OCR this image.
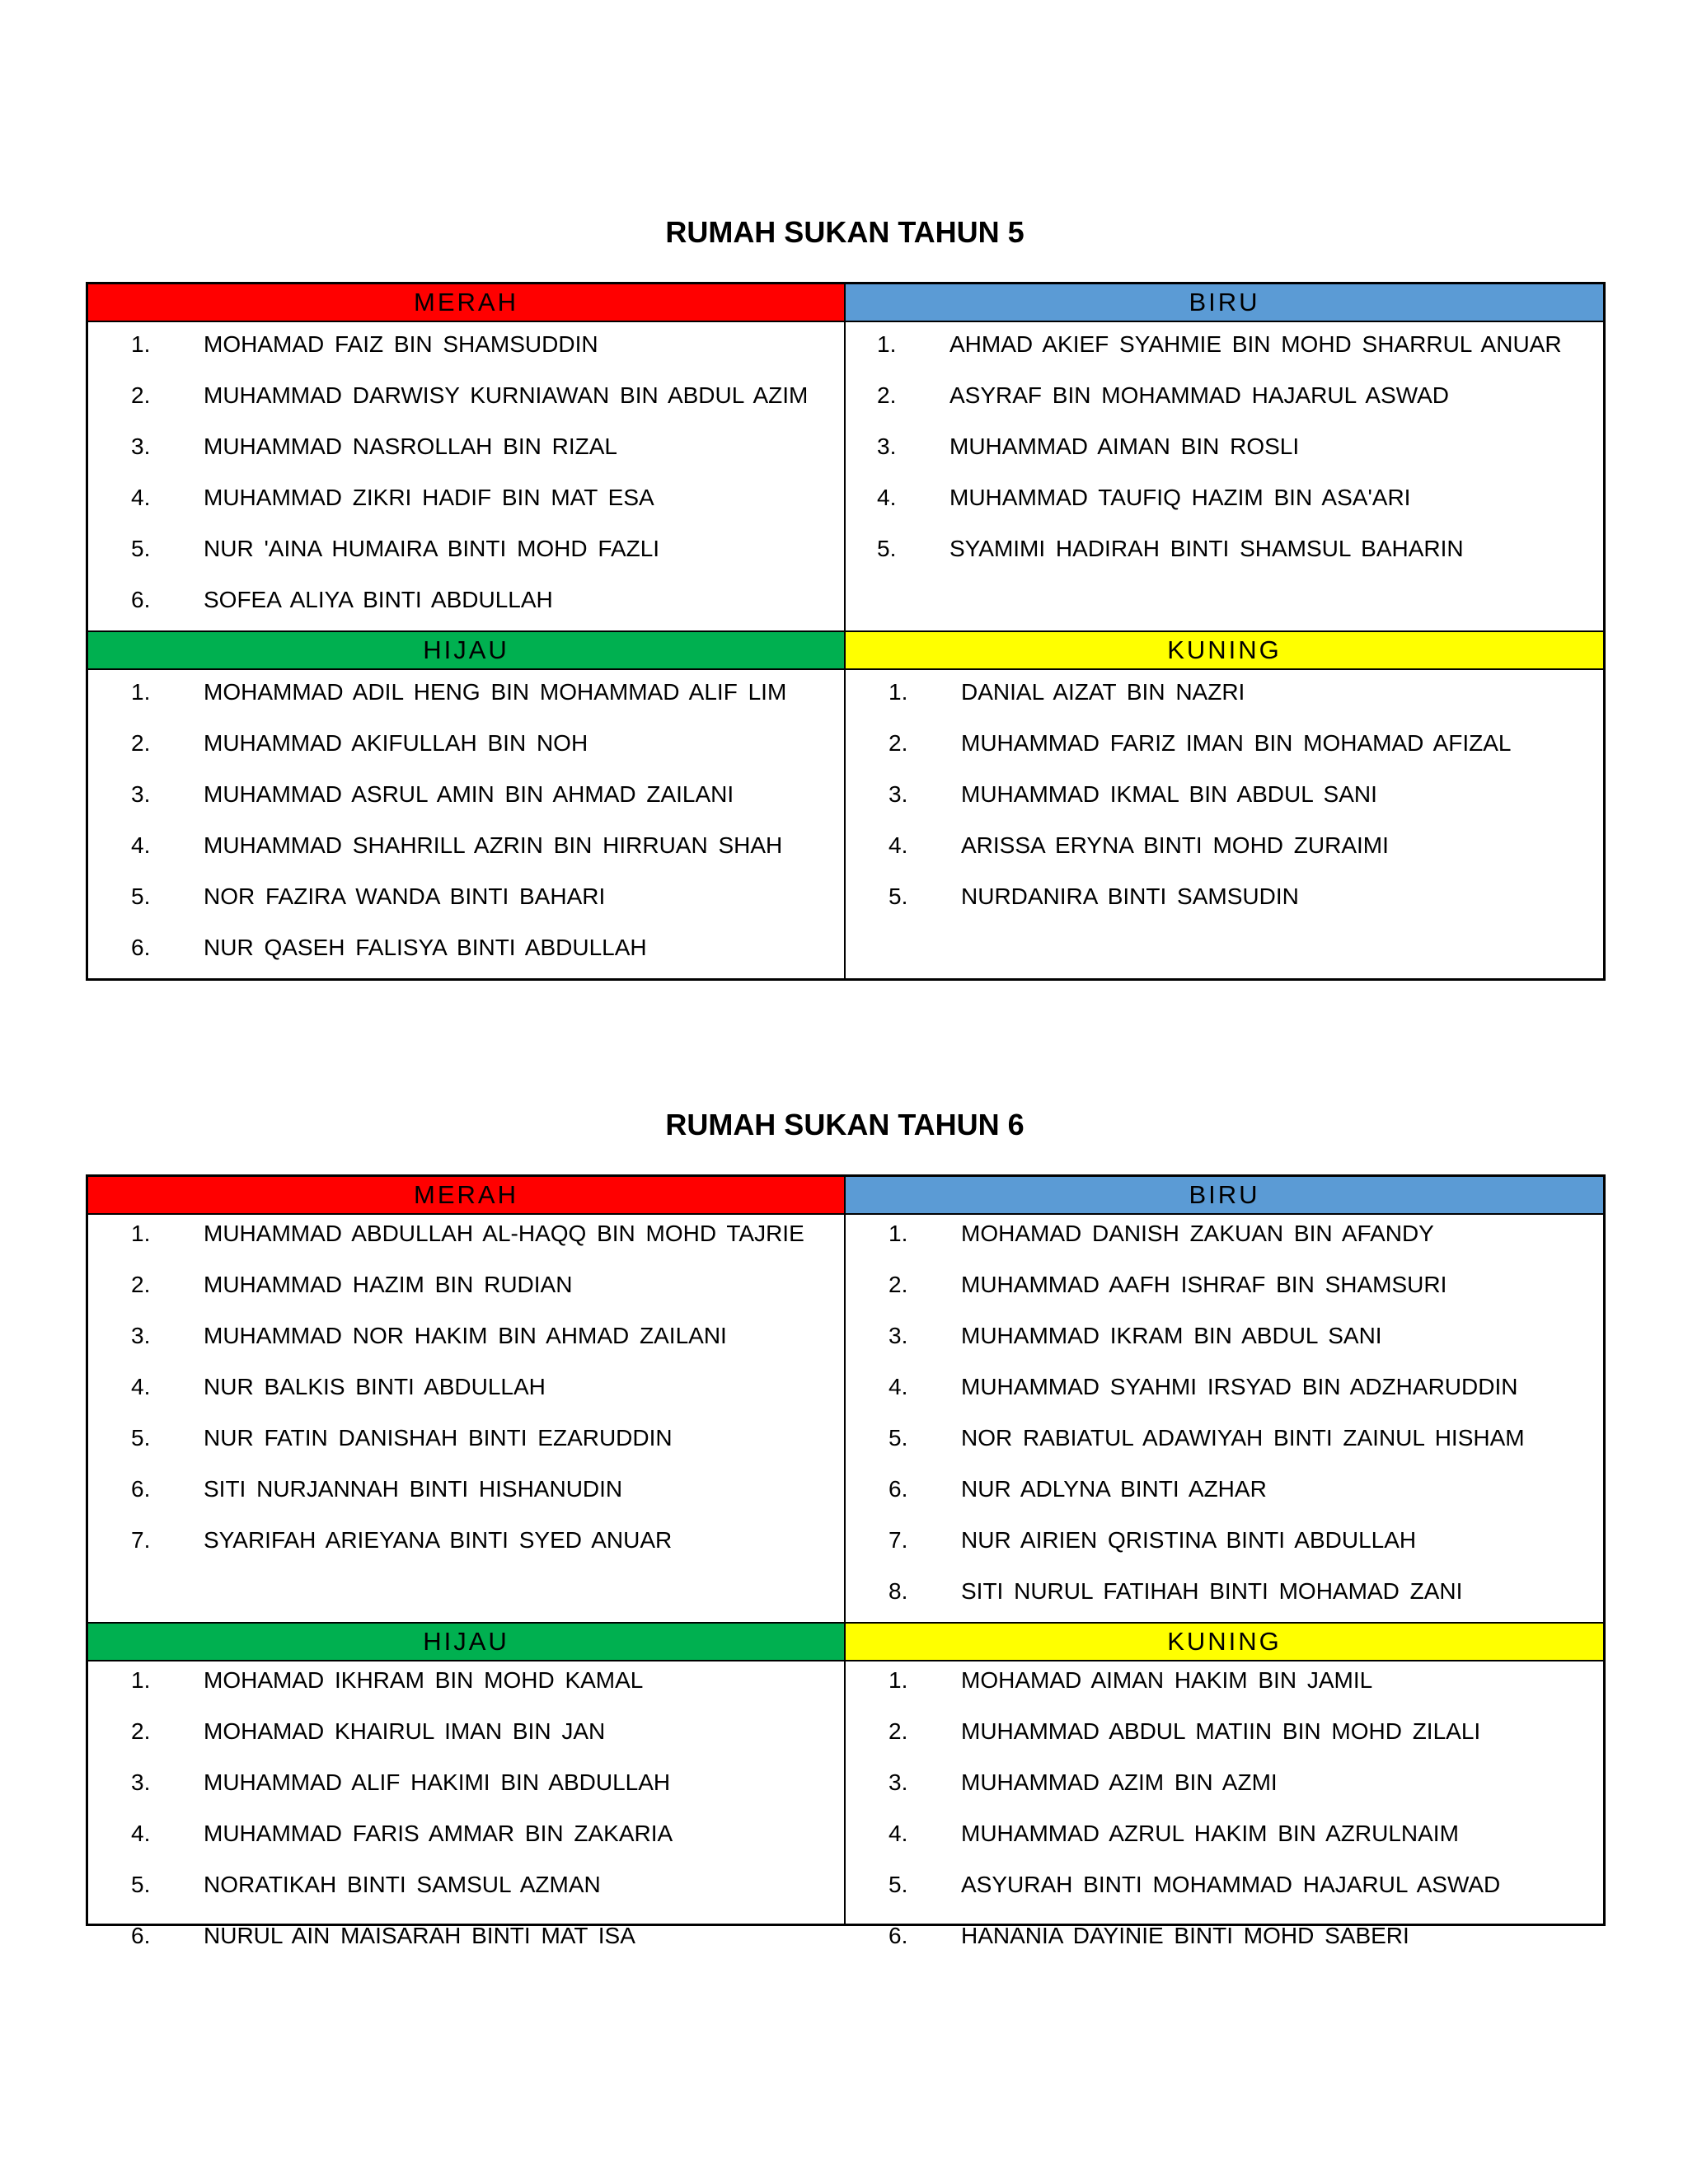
RUMAH SUKAN TAHUN 5
MERAH
1.	MOHAMAD FAIZ BIN SHAMSUDDIN
2.	MUHAMMAD DARWISY KURNIAWAN BIN ABDUL AZIM
3.	MUHAMMAD NASROLLAH BIN RIZAL
4.	MUHAMMAD ZIKRI HADIF BIN MAT ESA
5.	NUR 'AINA HUMAIRA BINTI MOHD FAZLI
6.	SOFEA ALIYA BINTI ABDULLAH
BIRU
1.	AHMAD AKIEF SYAHMIE BIN MOHD SHARRUL ANUAR
2.	ASYRAF BIN MOHAMMAD HAJARUL ASWAD
3.	MUHAMMAD AIMAN BIN ROSLI
4.	MUHAMMAD TAUFIQ HAZIM BIN ASA'ARI
5.	SYAMIMI HADIRAH BINTI SHAMSUL BAHARIN
HIJAU
1.	MOHAMMAD ADIL HENG BIN MOHAMMAD ALIF LIM
2.	MUHAMMAD AKIFULLAH BIN NOH
3.	MUHAMMAD ASRUL AMIN BIN AHMAD ZAILANI
4.	MUHAMMAD SHAHRILL AZRIN BIN HIRRUAN SHAH
5.	NOR FAZIRA WANDA BINTI BAHARI
6.	NUR QASEH FALISYA BINTI ABDULLAH
KUNING
1.	DANIAL AIZAT BIN NAZRI
2.	MUHAMMAD FARIZ IMAN BIN MOHAMAD AFIZAL
3.	MUHAMMAD IKMAL BIN ABDUL SANI
4.	ARISSA ERYNA BINTI MOHD ZURAIMI
5.	NURDANIRA BINTI SAMSUDIN
RUMAH SUKAN TAHUN 6
MERAH
1.	MUHAMMAD ABDULLAH AL-HAQQ BIN MOHD TAJRIE
2.	MUHAMMAD HAZIM BIN RUDIAN
3.	MUHAMMAD NOR HAKIM BIN AHMAD ZAILANI
4.	NUR BALKIS BINTI ABDULLAH
5.	NUR FATIN DANISHAH BINTI EZARUDDIN
6.	SITI NURJANNAH BINTI HISHANUDIN
7.	SYARIFAH ARIEYANA BINTI SYED ANUAR
BIRU
1.	MOHAMAD DANISH ZAKUAN BIN AFANDY
2.	MUHAMMAD AAFH ISHRAF BIN SHAMSURI
3.	MUHAMMAD IKRAM BIN ABDUL SANI
4.	MUHAMMAD SYAHMI IRSYAD BIN ADZHARUDDIN
5.	NOR RABIATUL ADAWIYAH BINTI ZAINUL HISHAM
6.	NUR ADLYNA BINTI AZHAR
7.	NUR AIRIEN QRISTINA BINTI ABDULLAH
8.	SITI NURUL FATIHAH BINTI MOHAMAD ZANI
HIJAU
1.	MOHAMAD IKHRAM BIN MOHD KAMAL
2.	MOHAMAD KHAIRUL IMAN BIN JAN
3.	MUHAMMAD ALIF HAKIMI BIN ABDULLAH
4.	MUHAMMAD FARIS AMMAR BIN ZAKARIA
5.	NORATIKAH BINTI SAMSUL AZMAN
6.	NURUL AIN MAISARAH BINTI MAT ISA
KUNING
1.	MOHAMAD AIMAN HAKIM BIN JAMIL
2.	MUHAMMAD ABDUL MATIIN BIN MOHD ZILALI
3.	MUHAMMAD AZIM BIN AZMI
4.	MUHAMMAD AZRUL HAKIM BIN AZRULNAIM
5.	ASYURAH BINTI MOHAMMAD HAJARUL ASWAD
6.	HANANIA DAYINIE BINTI MOHD SABERI
